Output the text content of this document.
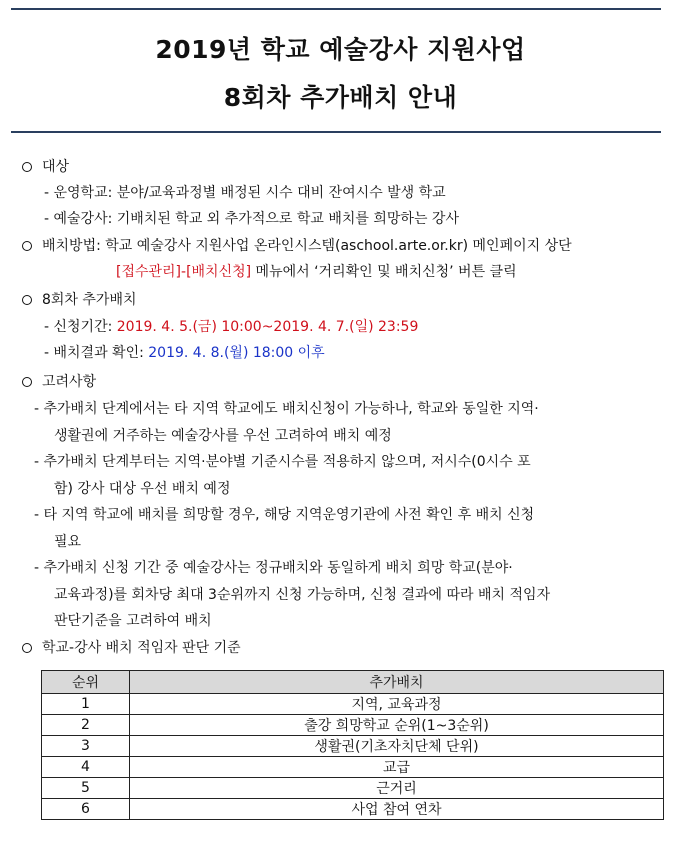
2019년 학교 예술강사 지원사업
8회차 추가배치 안내
대상
- 운영학교: 분야/교육과정별 배정된 시수 대비 잔여시수 발생 학교
- 예술강사: 기배치된 학교 외 추가적으로 학교 배치를 희망하는 강사
배치방법: 학교 예술강사 지원사업 온라인시스템(aschool.arte.or.kr) 메인페이지 상단
[접수관리]-[배치신청] 메뉴에서 ‘거리확인 및 배치신청’ 버튼 클릭
8회차 추가배치
- 신청기간: 2019. 4. 5.(금) 10:00~2019. 4. 7.(일) 23:59
- 배치결과 확인: 2019. 4. 8.(월) 18:00 이후
고려사항
- 추가배치 단계에서는 타 지역 학교에도 배치신청이 가능하나, 학교와 동일한 지역·
생활권에 거주하는 예술강사를 우선 고려하여 배치 예정
- 추가배치 단계부터는 지역·분야별 기준시수를 적용하지 않으며, 저시수(0시수 포
함) 강사 대상 우선 배치 예정
- 타 지역 학교에 배치를 희망할 경우, 해당 지역운영기관에 사전 확인 후 배치 신청
필요
- 추가배치 신청 기간 중 예술강사는 정규배치와 동일하게 배치 희망 학교(분야·
교육과정)를 회차당 최대 3순위까지 신청 가능하며, 신청 결과에 따라 배치 적임자
판단기준을 고려하여 배치
학교-강사 배치 적임자 판단 기준
순위	추가배치
1	지역, 교육과정
2	출강 희망학교 순위(1~3순위)
3	생활권(기초자치단체 단위)
4	교급
5	근거리
6	사업 참여 연차
